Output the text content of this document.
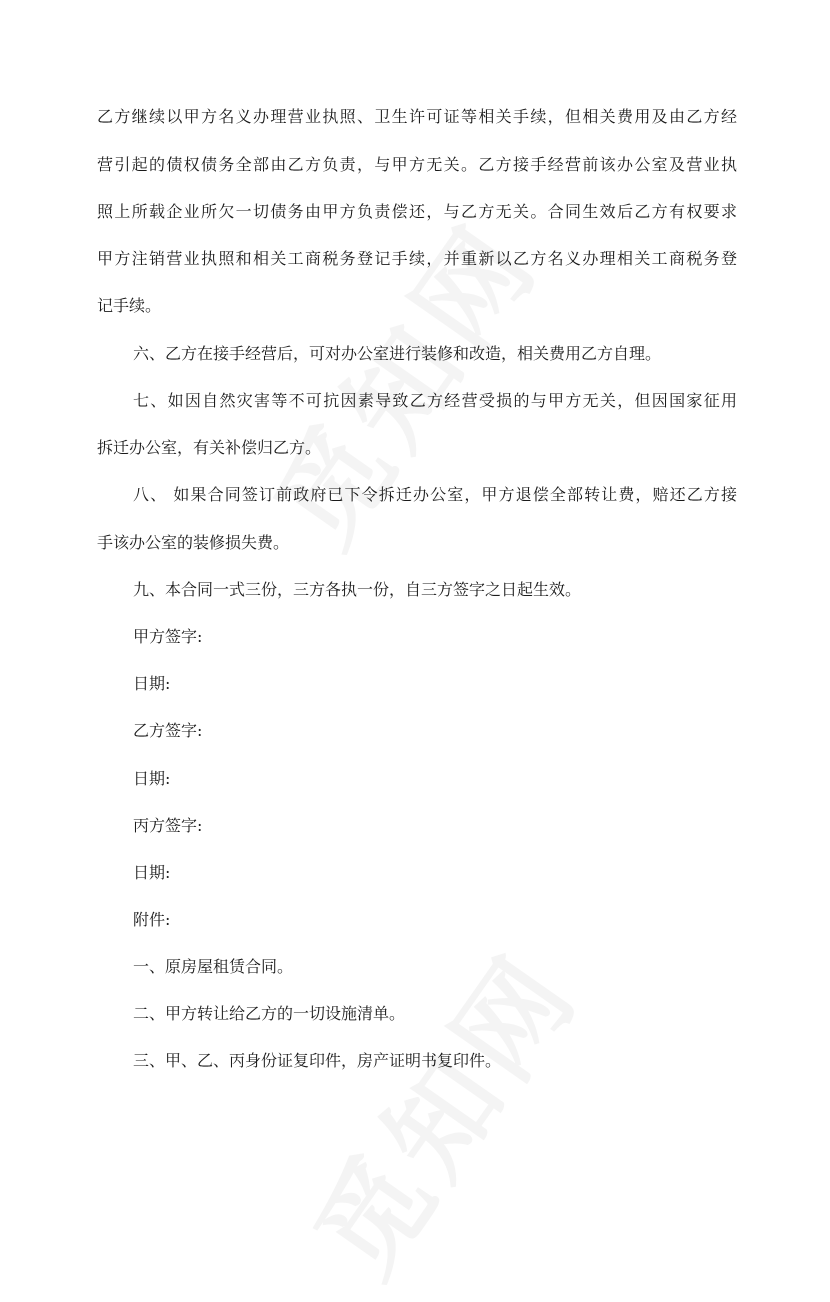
乙方继续以甲方名义办理营业执照、卫生许可证等相关手续，但相关费用及由乙方经
营引起的债权债务全部由乙方负责，与甲方无关。乙方接手经营前该办公室及营业执
照上所载企业所欠一切债务由甲方负责偿还，与乙方无关。合同生效后乙方有权要求
甲方注销营业执照和相关工商税务登记手续，并重新以乙方名义办理相关工商税务登
记手续。
六、乙方在接手经营后，可对办公室进行装修和改造，相关费用乙方自理。
七、如因自然灾害等不可抗因素导致乙方经营受损的与甲方无关，但因国家征用
拆迁办公室，有关补偿归乙方。
八、 如果合同签订前政府已下令拆迁办公室，甲方退偿全部转让费，赔还乙方接
手该办公室的装修损失费。
九、本合同一式三份，三方各执一份，自三方签字之日起生效。
甲方签字:
日期:
乙方签字:
日期:
丙方签字:
日期:
附件:
一、原房屋租赁合同。
二、甲方转让给乙方的一切设施清单。
三、甲、乙、丙身份证复印件，房产证明书复印件。
